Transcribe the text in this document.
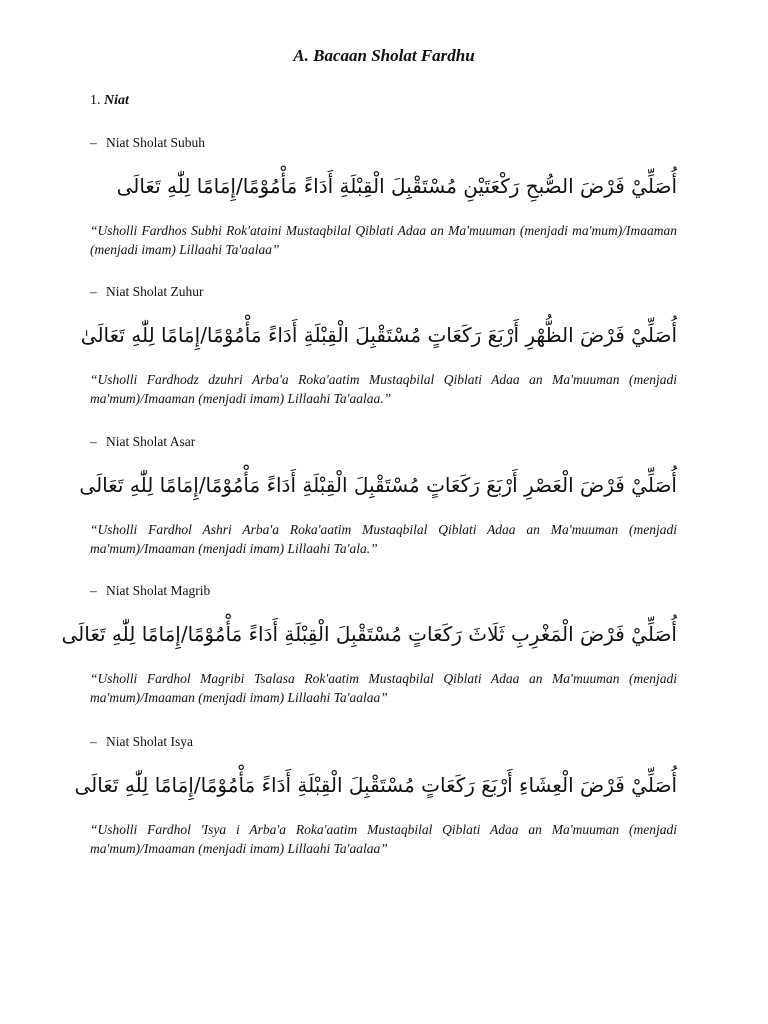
A. Bacaan Sholat Fardhu
1. Niat
– Niat Sholat Subuh
أُصَلِّيْ فَرْضَ الصُّبحِ رَكْعَتَيْنِ مُسْتَقْبِلَ الْقِبْلَةِ أَدَاءً مَأْمُوْمًا/إِمَامًا لِلّٰهِ تَعَالَى
“Usholli Fardhos Subhi Rok'ataini Mustaqbilal Qiblati Adaa an Ma'muuman (menjadi ma'mum)/Imaaman (menjadi imam) Lillaahi Ta'aalaa”
– Niat Sholat Zuhur
أُصَلِّيْ فَرْضَ الظُّهْرِ أَرْبَعَ رَكَعَاتٍ مُسْتَقْبِلَ الْقِبْلَةِ أَدَاءً مَأْمُوْمًا/إِمَامًا لِلّٰهِ تَعَالَىٰ
“Usholli Fardhodz dzuhri Arba'a Roka'aatim Mustaqbilal Qiblati Adaa an Ma'muuman (menjadi ma'mum)/Imaaman (menjadi imam) Lillaahi Ta'aalaa.”
– Niat Sholat Asar
أُصَلِّيْ فَرْضَ الْعَصْرِ أَرْبَعَ رَكَعَاتٍ مُسْتَقْبِلَ الْقِبْلَةِ أَدَاءً مَأْمُوْمًا/إِمَامًا لِلّٰهِ تَعَالَى
“Usholli Fardhol Ashri Arba'a Roka'aatim Mustaqbilal Qiblati Adaa an Ma'muuman (menjadi ma'mum)/Imaaman (menjadi imam) Lillaahi Ta'ala.”
– Niat Sholat Magrib
أُصَلِّيْ فَرْضَ الْمَغْرِبِ ثَلَاثَ رَكَعَاتٍ مُسْتَقْبِلَ الْقِبْلَةِ أَدَاءً مَأْمُوْمًا/إِمَامًا لِلّٰهِ تَعَالَى
“Usholli Fardhol Magribi Tsalasa Rok'aatim Mustaqbilal Qiblati Adaa an Ma'muuman (menjadi ma'mum)/Imaaman (menjadi imam) Lillaahi Ta'aalaa”
– Niat Sholat Isya
أُصَلِّيْ فَرْضَ الْعِشَاءِ أَرْبَعَ رَكَعَاتٍ مُسْتَقْبِلَ الْقِبْلَةِ أَدَاءً مَأْمُوْمًا/إِمَامًا لِلّٰهِ تَعَالَى
“Usholli Fardhol 'Isya i Arba'a Roka'aatim Mustaqbilal Qiblati Adaa an Ma'muuman (menjadi ma'mum)/Imaaman (menjadi imam) Lillaahi Ta'aalaa”
